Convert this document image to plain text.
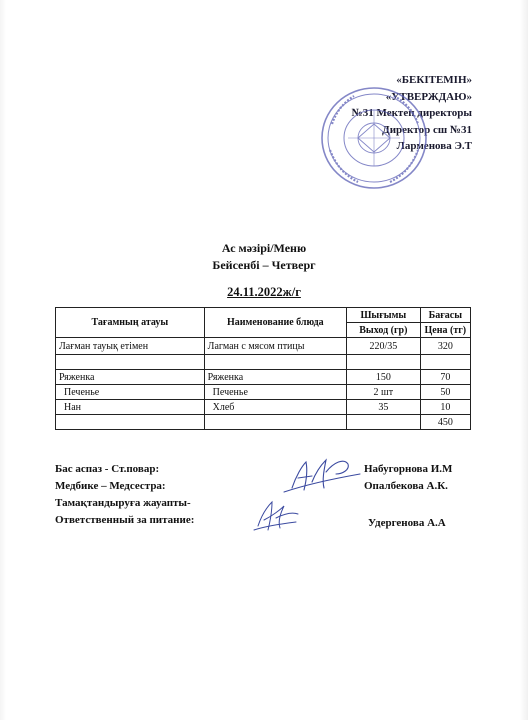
«БЕКІТЕМІН»
«УТВЕРЖДАЮ»
№31 Мектеп директоры
Директор сш №31
Ларменова Э.Т
Ас мәзірі/Меню
Бейсенбі – Четверг
24.11.2022ж/г
Тағамның атауы	Наименование блюда	Шығымы	Бағасы
		Выход (гр)	Цена (тг)
Лағман тауық етімен	Лагман с мясом птицы	220/35	320

Ряженка	Ряженка	150	70
Печенье	Печенье	2 шт	50
Нан	Хлеб	35	10
			450
Бас аспаз - Ст.повар:	Набугорнова И.М
Медбике – Медсестра:	Опалбекова А.К.
Тамақтандыруға жауапты-
Ответственный за питание:	Удергенова А.А
